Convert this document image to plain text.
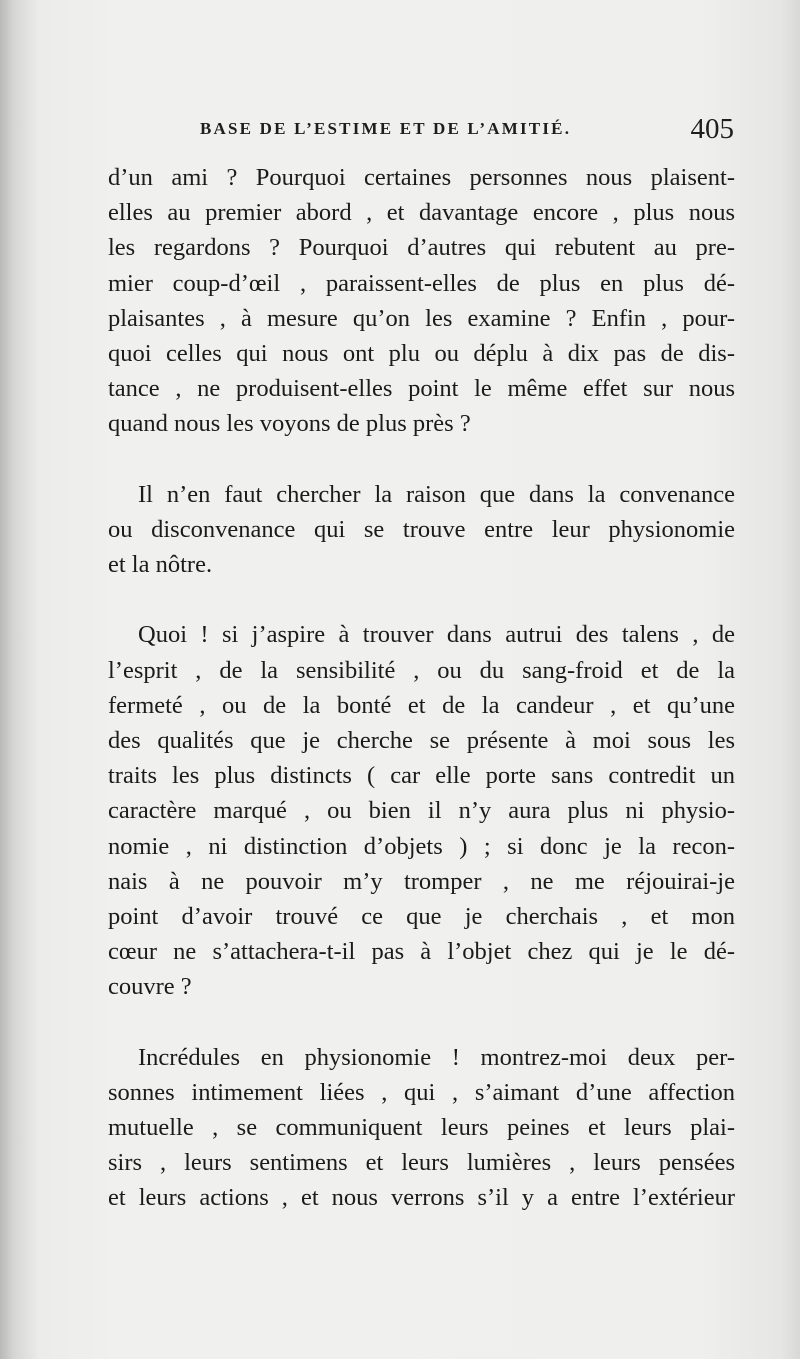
BASE DE L’ESTIME ET DE L’AMITIÉ.	405
d’un ami ? Pourquoi certaines personnes nous plaisent-
elles au premier abord , et davantage encore , plus nous
les regardons ? Pourquoi d’autres qui rebutent au pre-
mier coup-d’œil , paraissent-elles de plus en plus dé-
plaisantes , à mesure qu’on les examine ? Enfin , pour-
quoi celles qui nous ont plu ou déplu à dix pas de dis-
tance , ne produisent-elles point le même effet sur nous
quand nous les voyons de plus près ?
Il n’en faut chercher la raison que dans la convenance
ou disconvenance qui se trouve entre leur physionomie
et la nôtre.
Quoi ! si j’aspire à trouver dans autrui des talens , de
l’esprit , de la sensibilité , ou du sang-froid et de la
fermeté , ou de la bonté et de la candeur , et qu’une
des qualités que je cherche se présente à moi sous les
traits les plus distincts ( car elle porte sans contredit un
caractère marqué , ou bien il n’y aura plus ni physio-
nomie , ni distinction d’objets ) ; si donc je la recon-
nais à ne pouvoir m’y tromper , ne me réjouirai-je
point d’avoir trouvé ce que je cherchais , et mon
cœur ne s’attachera-t-il pas à l’objet chez qui je le dé-
couvre ?
Incrédules en physionomie ! montrez-moi deux per-
sonnes intimement liées , qui , s’aimant d’une affection
mutuelle , se communiquent leurs peines et leurs plai-
sirs , leurs sentimens et leurs lumières , leurs pensées
et leurs actions , et nous verrons s’il y a entre l’extérieur
